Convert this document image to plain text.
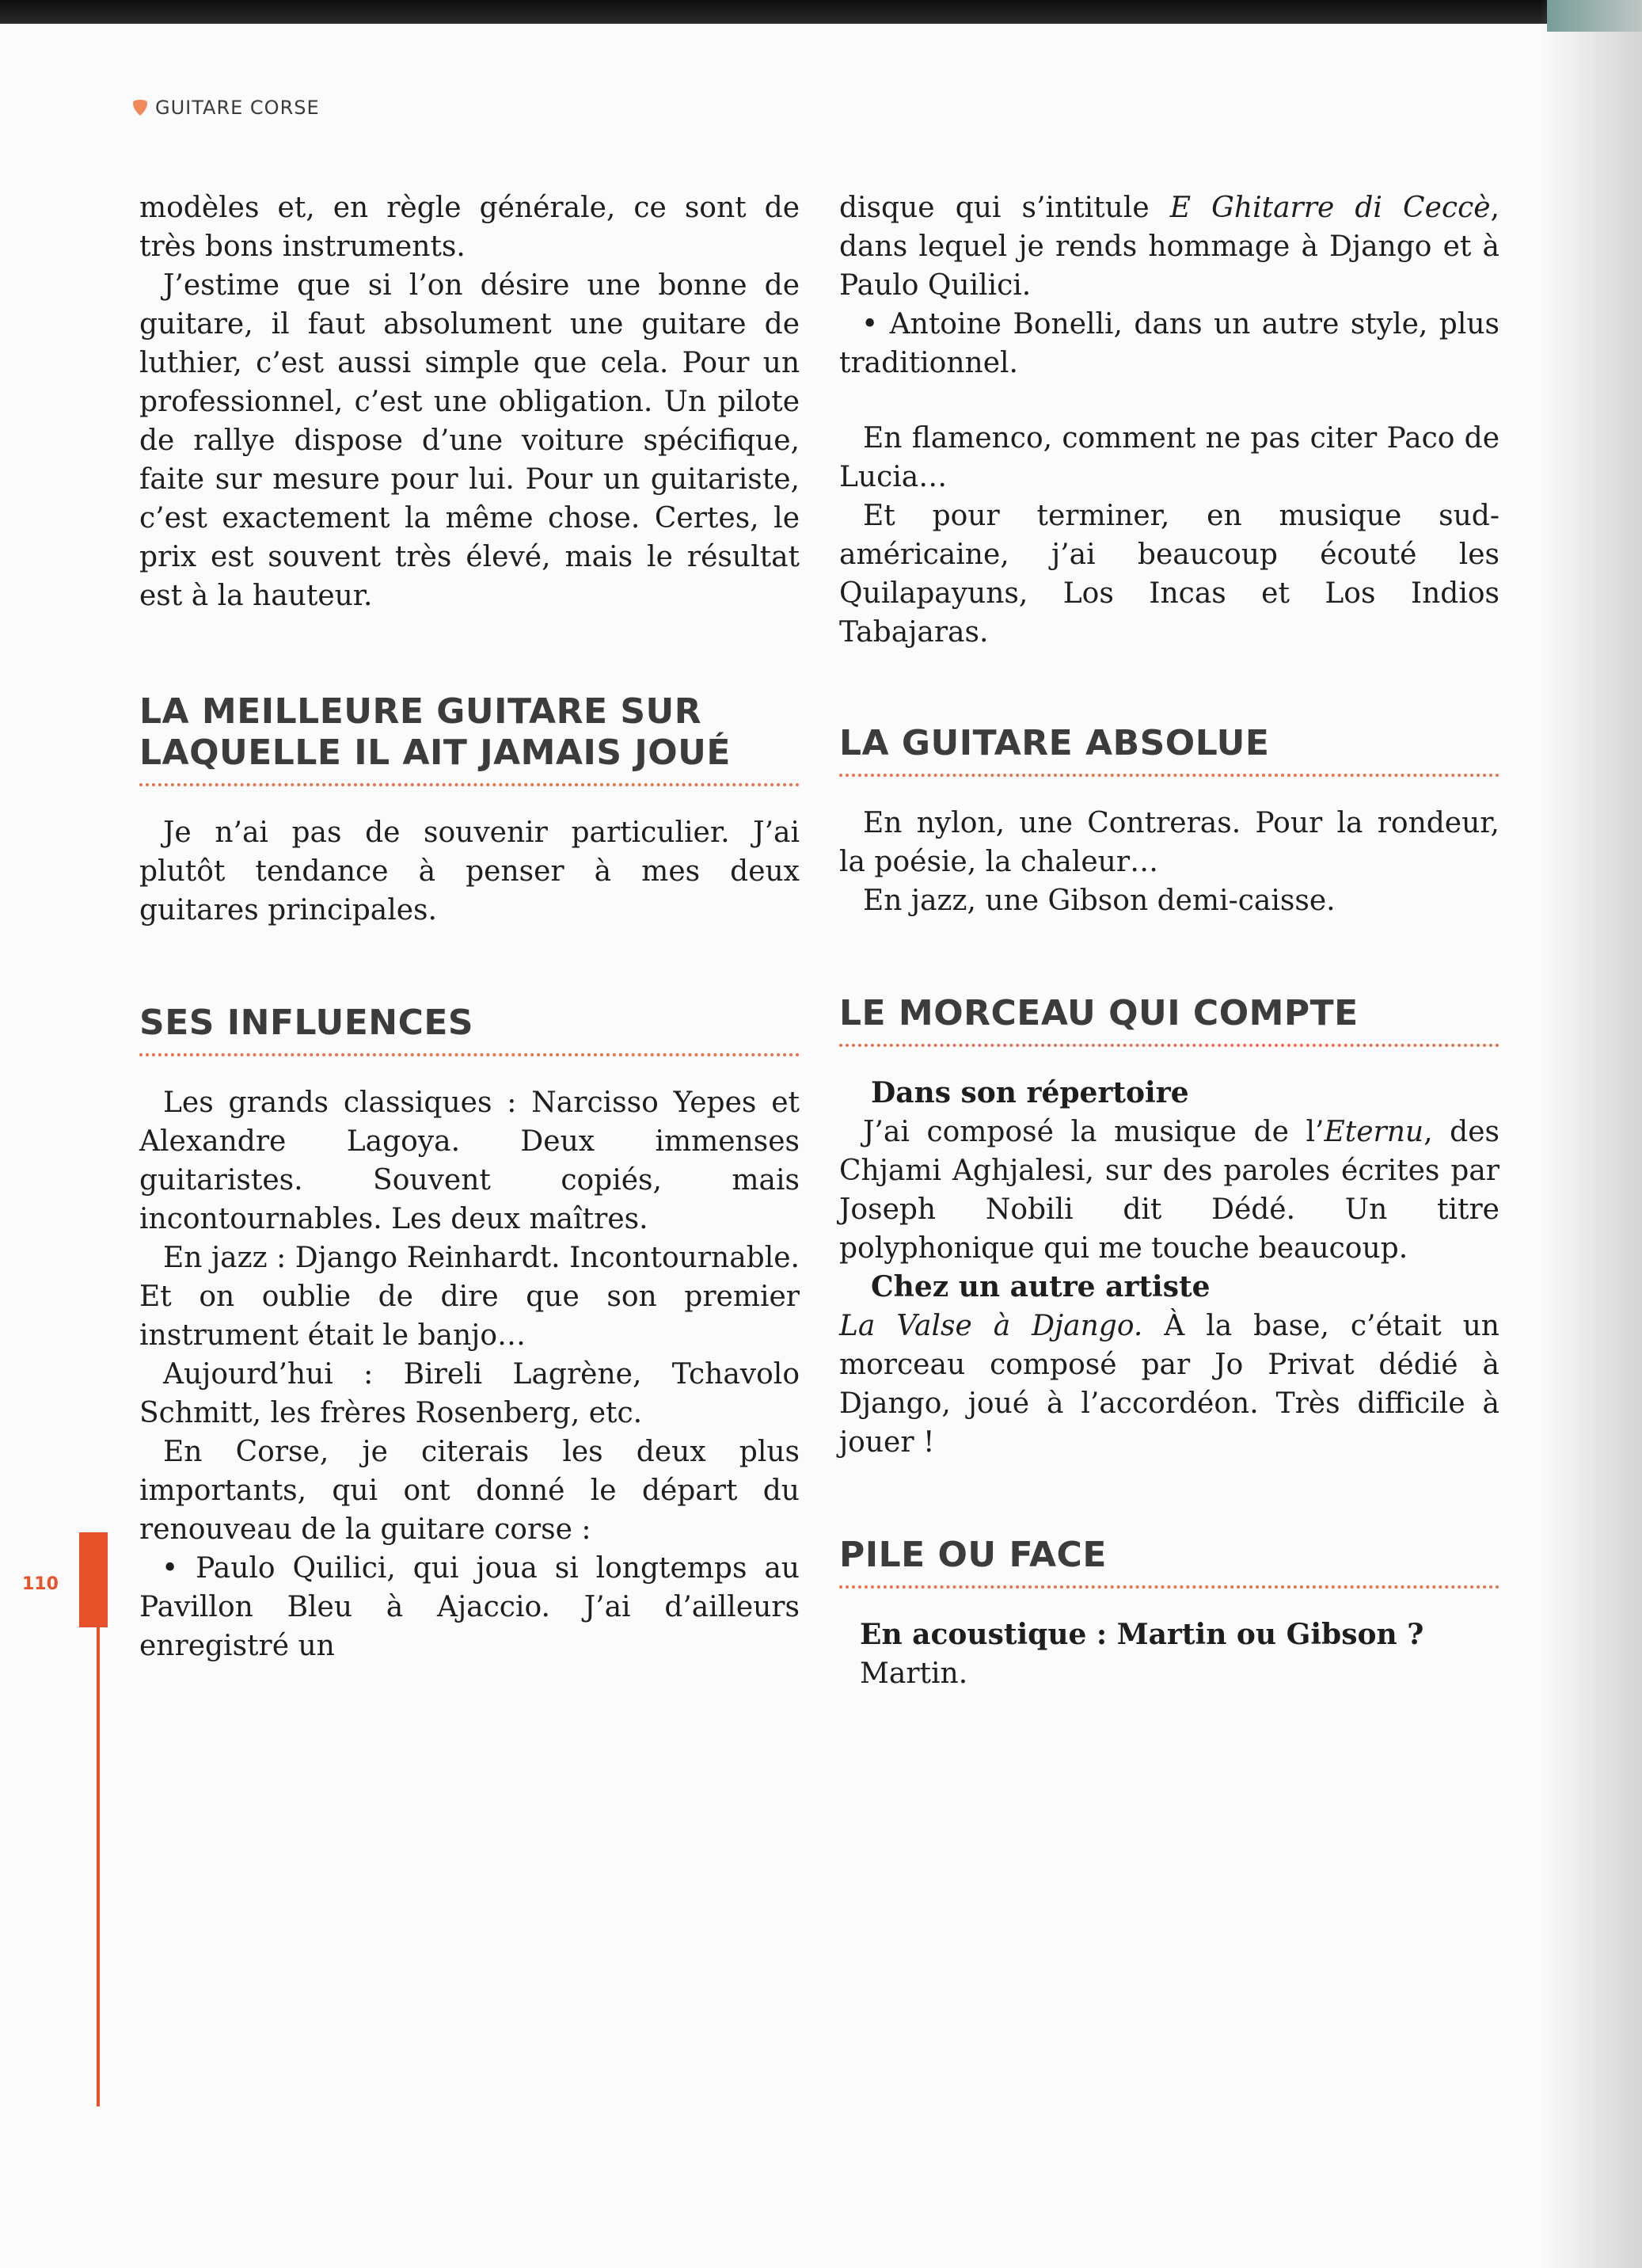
GUITARE CORSE

modèles et, en règle générale, ce sont de très bons instruments.

J’estime que si l’on désire une bonne de guitare, il faut absolument une guitare de luthier, c’est aussi simple que cela. Pour un professionnel, c’est une obligation. Un pilote de rallye dispose d’une voiture spécifique, faite sur mesure pour lui. Pour un guitariste, c’est exactement la même chose. Certes, le prix est souvent très élevé, mais le résultat est à la hauteur.

LA MEILLEURE GUITARE SUR LAQUELLE IL AIT JAMAIS JOUÉ

Je n’ai pas de souvenir particulier. J’ai plutôt tendance à penser à mes deux guitares principales.

SES INFLUENCES

Les grands classiques : Narcisso Yepes et Alexandre Lagoya. Deux immenses guitaristes. Souvent copiés, mais incontournables. Les deux maîtres.

En jazz : Django Reinhardt. Incontournable. Et on oublie de dire que son premier instrument était le banjo…

Aujourd’hui : Bireli Lagrène, Tchavolo Schmitt, les frères Rosenberg, etc.

En Corse, je citerais les deux plus importants, qui ont donné le départ du renouveau de la guitare corse :

• Paulo Quilici, qui joua si longtemps au Pavillon Bleu à Ajaccio. J’ai d’ailleurs enregistré un

disque qui s’intitule E Ghitarre di Ceccè, dans lequel je rends hommage à Django et à Paulo Quilici.

• Antoine Bonelli, dans un autre style, plus traditionnel.

En flamenco, comment ne pas citer Paco de Lucia…

Et pour terminer, en musique sud-américaine, j’ai beaucoup écouté les Quilapayuns, Los Incas et Los Indios Tabajaras.

LA GUITARE ABSOLUE

En nylon, une Contreras. Pour la rondeur, la poésie, la chaleur…

En jazz, une Gibson demi-caisse.

LE MORCEAU QUI COMPTE

Dans son répertoire

J’ai composé la musique de l’Eternu, des Chjami Aghjalesi, sur des paroles écrites par Joseph Nobili dit Dédé. Un titre polyphonique qui me touche beaucoup.

Chez un autre artiste

La Valse à Django. À la base, c’était un morceau composé par Jo Privat dédié à Django, joué à l’accordéon. Très difficile à jouer !

PILE OU FACE

En acoustique : Martin ou Gibson ?

Martin.

110
